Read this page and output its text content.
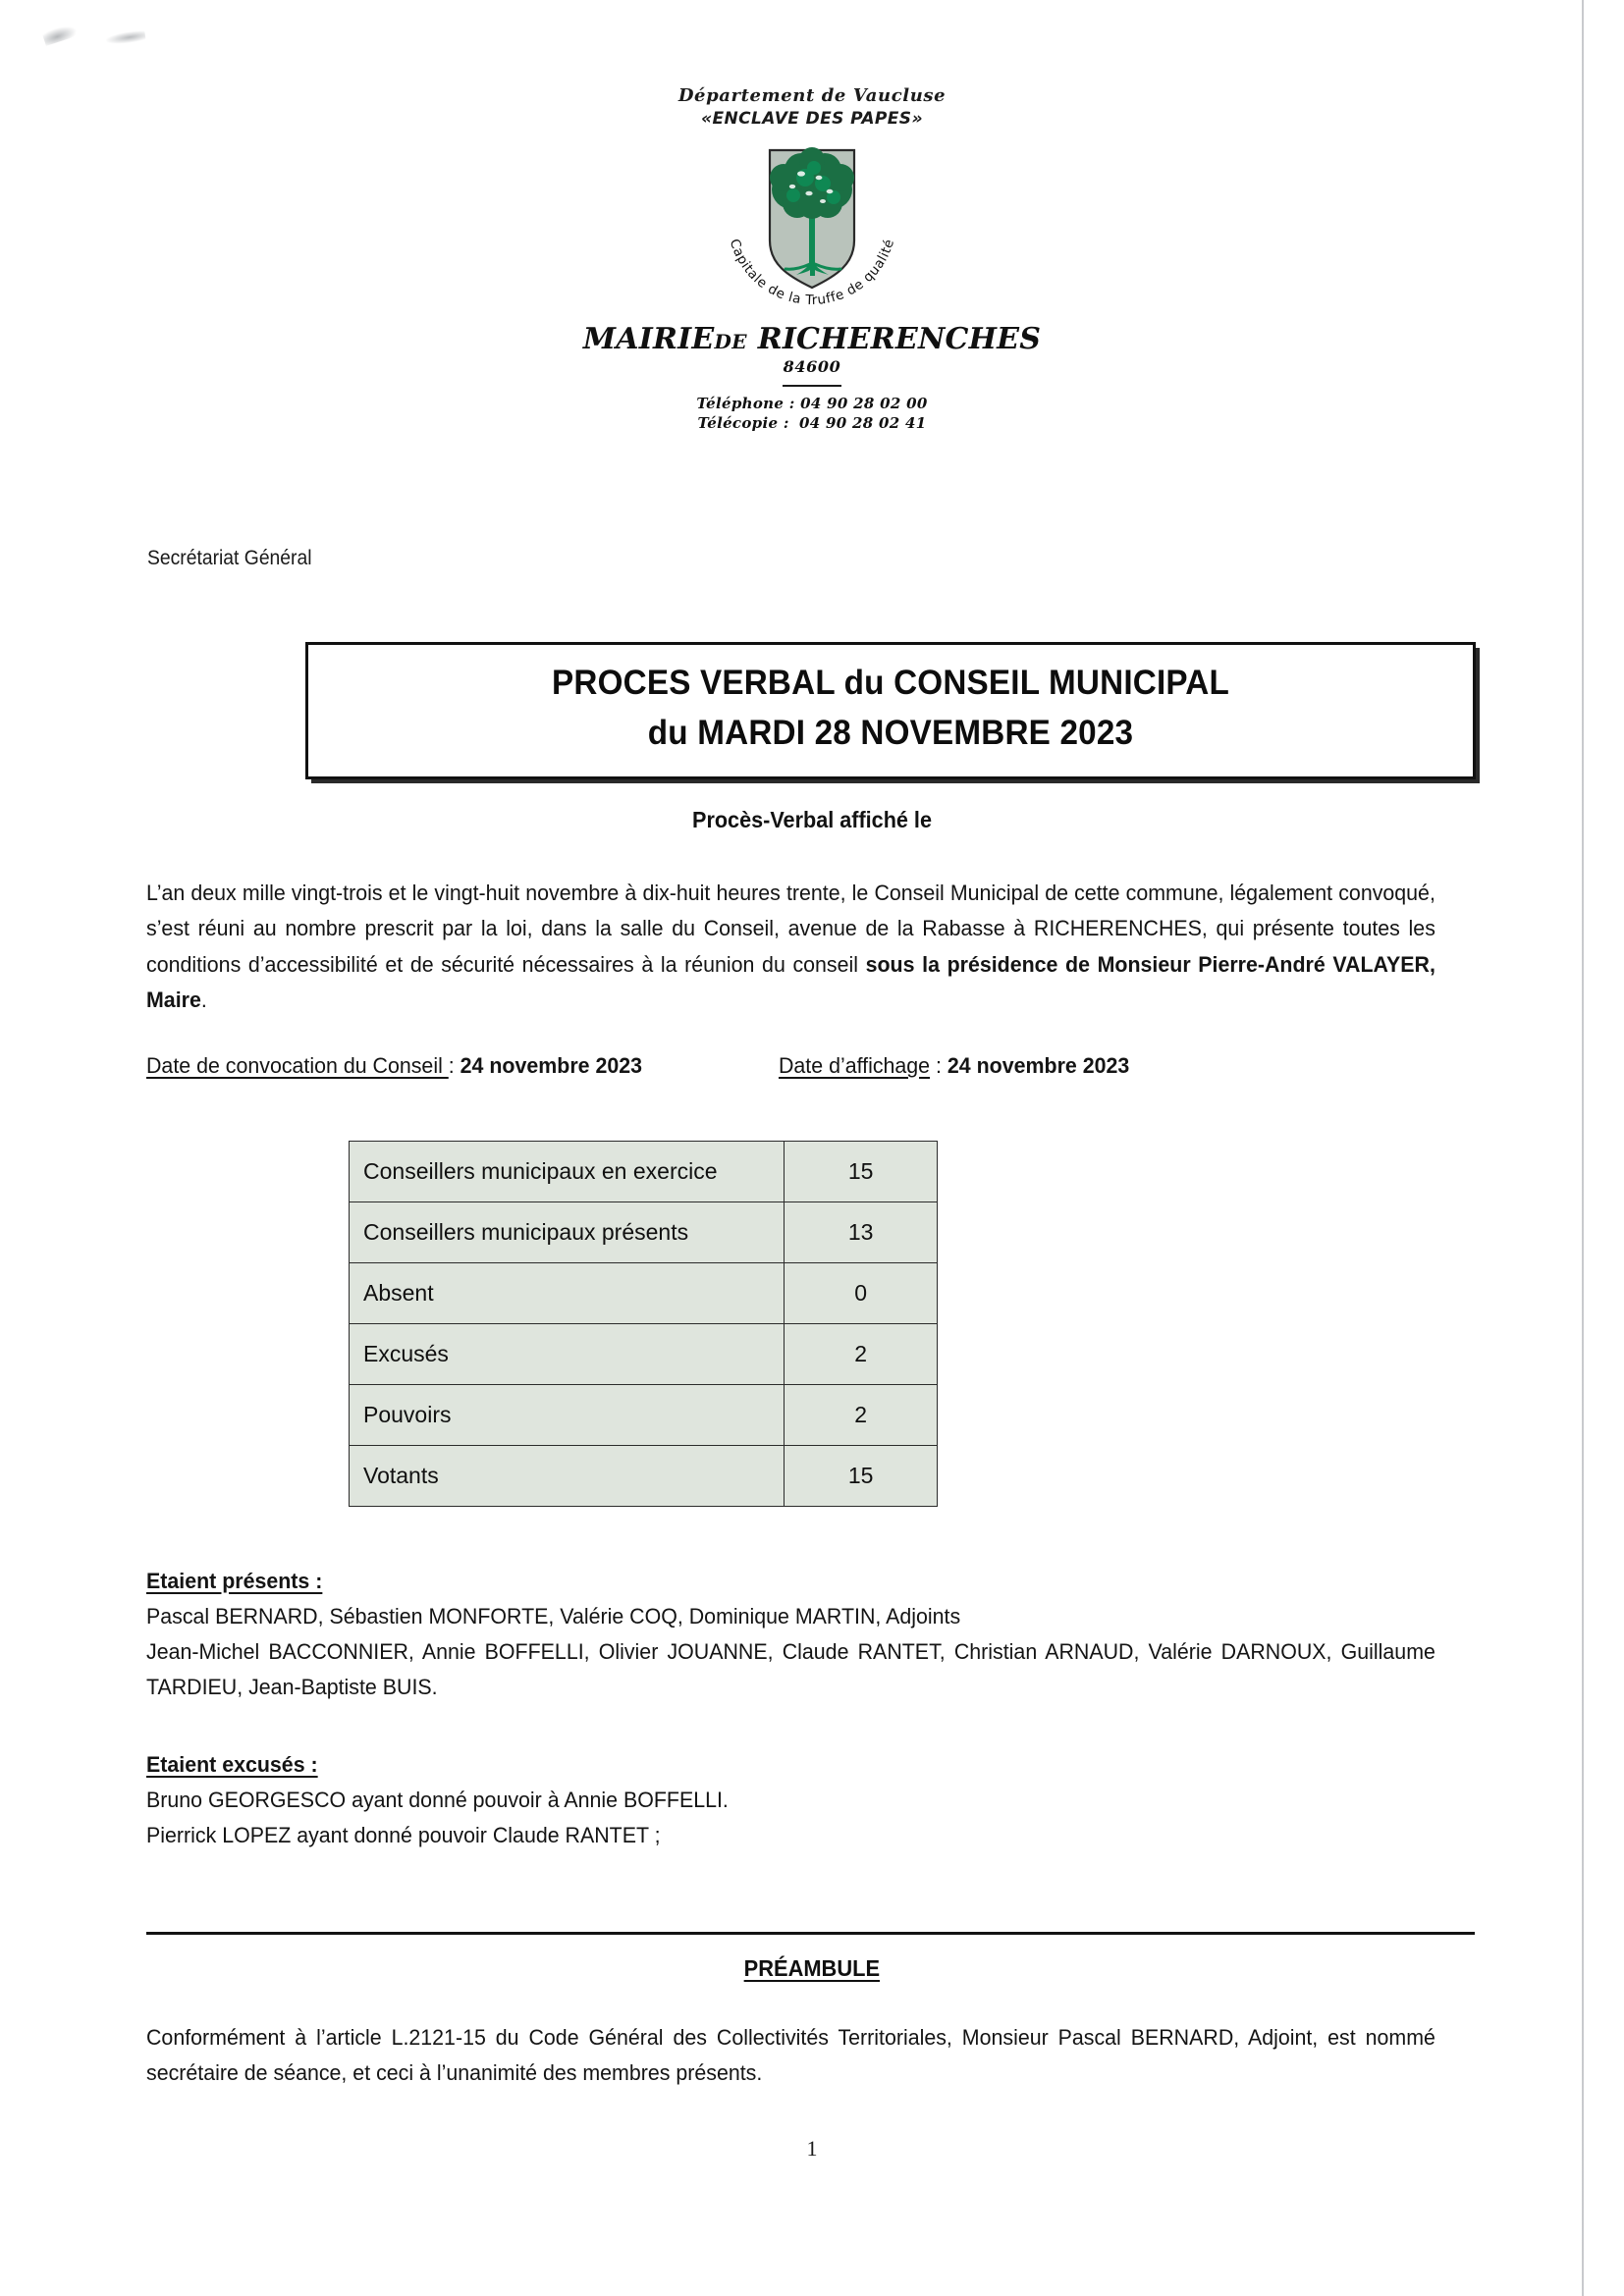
Département de Vaucluse
«ENCLAVE DES PAPES»
Capitale de la Truffe de qualité
MAIRIEDE RICHERENCHES
84600
Téléphone : 04 90 28 02 00
Télécopie : 04 90 28 02 41
Secrétariat Général
PROCES VERBAL du CONSEIL MUNICIPAL
du MARDI 28 NOVEMBRE 2023
Procès-Verbal affiché le
L’an deux mille vingt-trois et le vingt-huit novembre à dix-huit heures trente, le Conseil Municipal de cette commune, légalement convoqué, s’est réuni au nombre prescrit par la loi, dans la salle du Conseil, avenue de la Rabasse à RICHERENCHES, qui présente toutes les conditions d’accessibilité et de sécurité nécessaires à la réunion du conseil sous la présidence de Monsieur Pierre-André VALAYER, Maire.
Date de convocation du Conseil : 24 novembre 2023	Date d’affichage : 24 novembre 2023
Conseillers municipaux en exercice	15
Conseillers municipaux présents	13
Absent	0
Excusés	2
Pouvoirs	2
Votants	15

Etaient présents :

Pascal BERNARD, Sébastien MONFORTE, Valérie COQ, Dominique MARTIN, Adjoints

Jean-Michel BACCONNIER, Annie BOFFELLI, Olivier JOUANNE, Claude RANTET, Christian ARNAUD, Valérie DARNOUX, Guillaume TARDIEU, Jean-Baptiste BUIS.

Etaient excusés :

Bruno GEORGESCO ayant donné pouvoir à Annie BOFFELLI.

Pierrick LOPEZ ayant donné pouvoir Claude RANTET ;

PRÉAMBULE

Conformément à l’article L.2121-15 du Code Général des Collectivités Territoriales, Monsieur Pascal BERNARD, Adjoint, est nommé secrétaire de séance, et ceci à l’unanimité des membres présents.

1
